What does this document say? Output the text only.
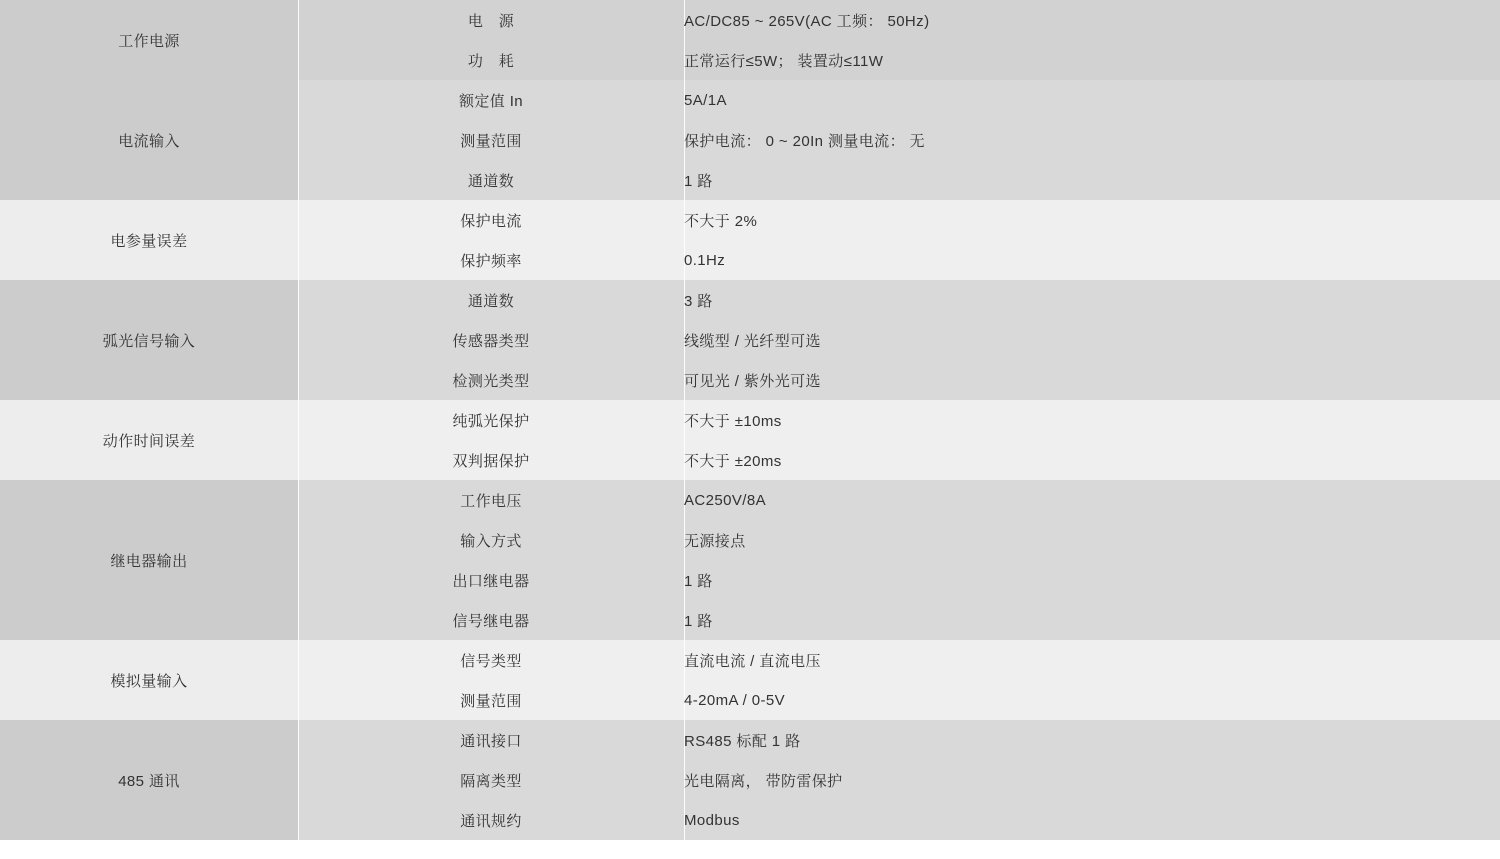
工作电源	电　源	AC/DC85 ~ 265V(AC 工频： 50Hz)
	功　耗	正常运行≤5W； 装置动≤11W
电流输入	额定值 In	5A/1A
	测量范围	保护电流： 0 ~ 20In 测量电流： 无
	通道数	1 路
电参量误差	保护电流	不大于 2%
	保护频率	0.1Hz
弧光信号输入	通道数	3 路
	传感器类型	线缆型 / 光纤型可选
	检测光类型	可见光 / 紫外光可选
动作时间误差	纯弧光保护	不大于 ±10ms
	双判据保护	不大于 ±20ms
继电器输出	工作电压	AC250V/8A
	输入方式	无源接点
	出口继电器	1 路
	信号继电器	1 路
模拟量输入	信号类型	直流电流 / 直流电压
	测量范围	4-20mA / 0-5V
485 通讯	通讯接口	RS485 标配 1 路
	隔离类型	光电隔离， 带防雷保护
	通讯规约	Modbus
